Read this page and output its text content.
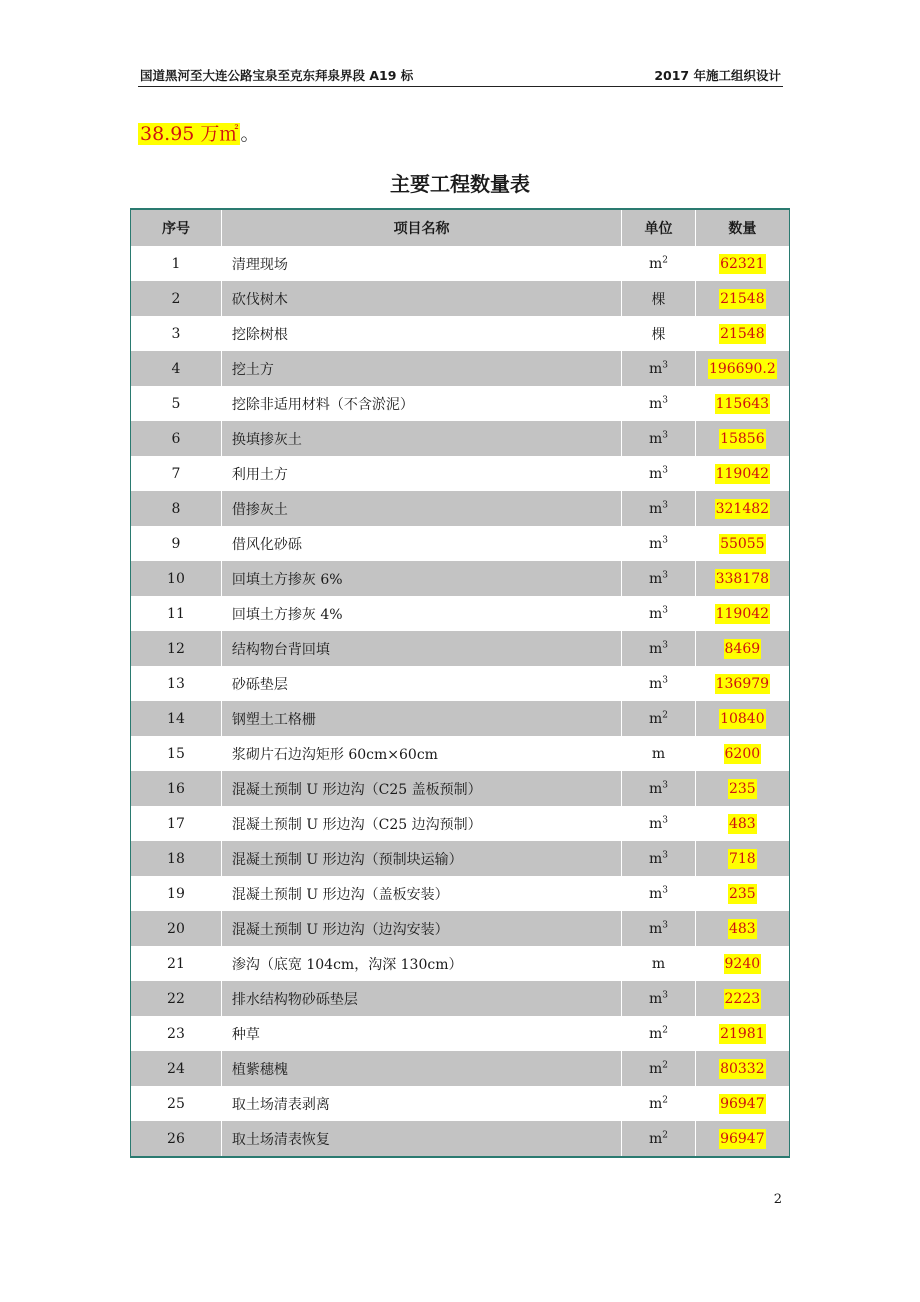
国道黑河至大连公路宝泉至克东拜泉界段 A19 标	2017 年施工组织设计
38.95 万㎡ 。
主要工程数量表
序号	项目名称	单位	数量
1	清理现场	$m^2$	62321
2	砍伐树木	棵	21548
3	挖除树根	棵	21548
4	挖土方	$m^3$	196690.2
5	挖除非适用材料（不含淤泥）	$m^3$	115643
6	换填掺灰土	$m^3$	15856
7	利用土方	$m^3$	119042
8	借掺灰土	$m^3$	321482
9	借风化砂砾	$m^3$	55055
10	回填土方掺灰 6%	$m^3$	338178
11	回填土方掺灰 4%	$m^3$	119042
12	结构物台背回填	$m^3$	8469
13	砂砾垫层	$m^3$	136979
14	钢塑土工格栅	$m^2$	10840
15	浆砌片石边沟矩形 60cm×60cm	m	6200
16	混凝土预制 U 形边沟（C25 盖板预制）	$m^3$	235
17	混凝土预制 U 形边沟（C25 边沟预制）	$m^3$	483
18	混凝土预制 U 形边沟（预制块运输）	$m^3$	718
19	混凝土预制 U 形边沟（盖板安装）	$m^3$	235
20	混凝土预制 U 形边沟（边沟安装）	$m^3$	483
21	渗沟（底宽 104cm，沟深 130cm）	m	9240
22	排水结构物砂砾垫层	$m^3$	2223
23	种草	$m^2$	21981
24	植紫穗槐	$m^2$	80332
25	取土场清表剥离	$m^2$	96947
26	取土场清表恢复	$m^2$	96947
2
